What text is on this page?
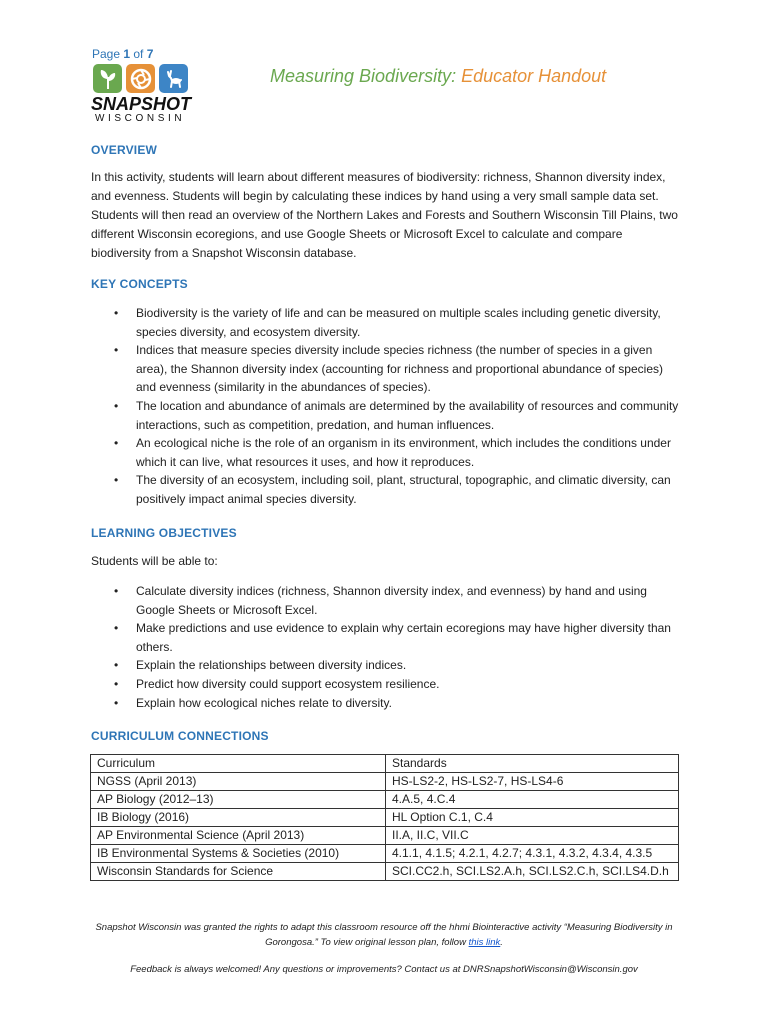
Page 1 of 7
SNAPSHOT
WISCONSIN
Measuring Biodiversity: Educator Handout
OVERVIEW
In this activity, students will learn about different measures of biodiversity: richness, Shannon diversity index, and evenness. Students will begin by calculating these indices by hand using a very small sample data set. Students will then read an overview of the Northern Lakes and Forests and Southern Wisconsin Till Plains, two different Wisconsin ecoregions, and use Google Sheets or Microsoft Excel to calculate and compare biodiversity from a Snapshot Wisconsin database.
KEY CONCEPTS
• Biodiversity is the variety of life and can be measured on multiple scales including genetic diversity, species diversity, and ecosystem diversity.
• Indices that measure species diversity include species richness (the number of species in a given area), the Shannon diversity index (accounting for richness and proportional abundance of species) and evenness (similarity in the abundances of species).
• The location and abundance of animals are determined by the availability of resources and community interactions, such as competition, predation, and human influences.
• An ecological niche is the role of an organism in its environment, which includes the conditions under which it can live, what resources it uses, and how it reproduces.
• The diversity of an ecosystem, including soil, plant, structural, topographic, and climatic diversity, can positively impact animal species diversity.
LEARNING OBJECTIVES
Students will be able to:
• Calculate diversity indices (richness, Shannon diversity index, and evenness) by hand and using Google Sheets or Microsoft Excel.
• Make predictions and use evidence to explain why certain ecoregions may have higher diversity than others.
• Explain the relationships between diversity indices.
• Predict how diversity could support ecosystem resilience.
• Explain how ecological niches relate to diversity.
CURRICULUM CONNECTIONS
Curriculum	Standards
NGSS (April 2013)	HS-LS2-2, HS-LS2-7, HS-LS4-6
AP Biology (2012–13)	4.A.5, 4.C.4
IB Biology (2016)	HL Option C.1, C.4
AP Environmental Science (April 2013)	II.A, II.C, VII.C
IB Environmental Systems & Societies (2010)	4.1.1, 4.1.5; 4.2.1, 4.2.7; 4.3.1, 4.3.2, 4.3.4, 4.3.5
Wisconsin Standards for Science	SCI.CC2.h, SCI.LS2.A.h, SCI.LS2.C.h, SCI.LS4.D.h
Snapshot Wisconsin was granted the rights to adapt this classroom resource off the hhmi Biointeractive activity “Measuring Biodiversity in Gorongosa.” To view original lesson plan, follow this link.
Feedback is always welcomed! Any questions or improvements? Contact us at DNRSnapshotWisconsin@Wisconsin.gov
